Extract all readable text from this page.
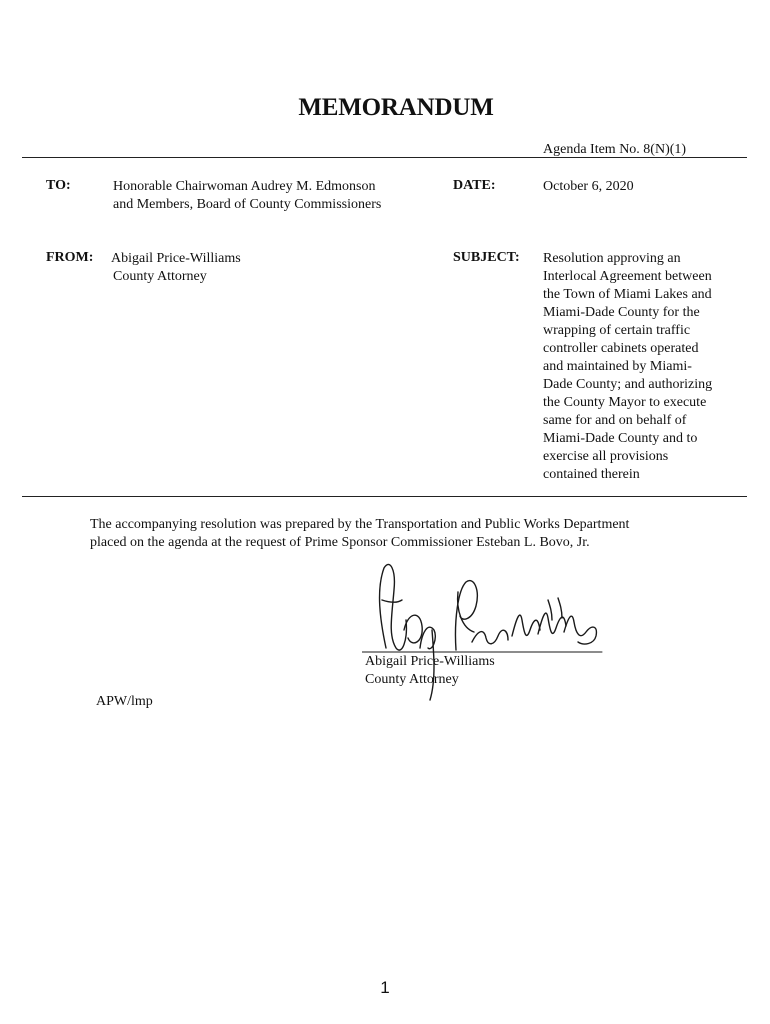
MEMORANDUM
Agenda Item No. 8(N)(1)
TO:	Honorable Chairwoman Audrey M. Edmonson
and Members, Board of County Commissioners
DATE:	October 6, 2020
FROM: Abigail Price-Williams
County Attorney
SUBJECT: Resolution approving an
Interlocal Agreement between
the Town of Miami Lakes and
Miami-Dade County for the
wrapping of certain traffic
controller cabinets operated
and maintained by Miami-
Dade County; and authorizing
the County Mayor to execute
same for and on behalf of
Miami-Dade County and to
exercise all provisions
contained therein
The accompanying resolution was prepared by the Transportation and Public Works Department
placed on the agenda at the request of Prime Sponsor Commissioner Esteban L. Bovo, Jr.
Abigail Price-Williams
County Attorney
APW/lmp
1
